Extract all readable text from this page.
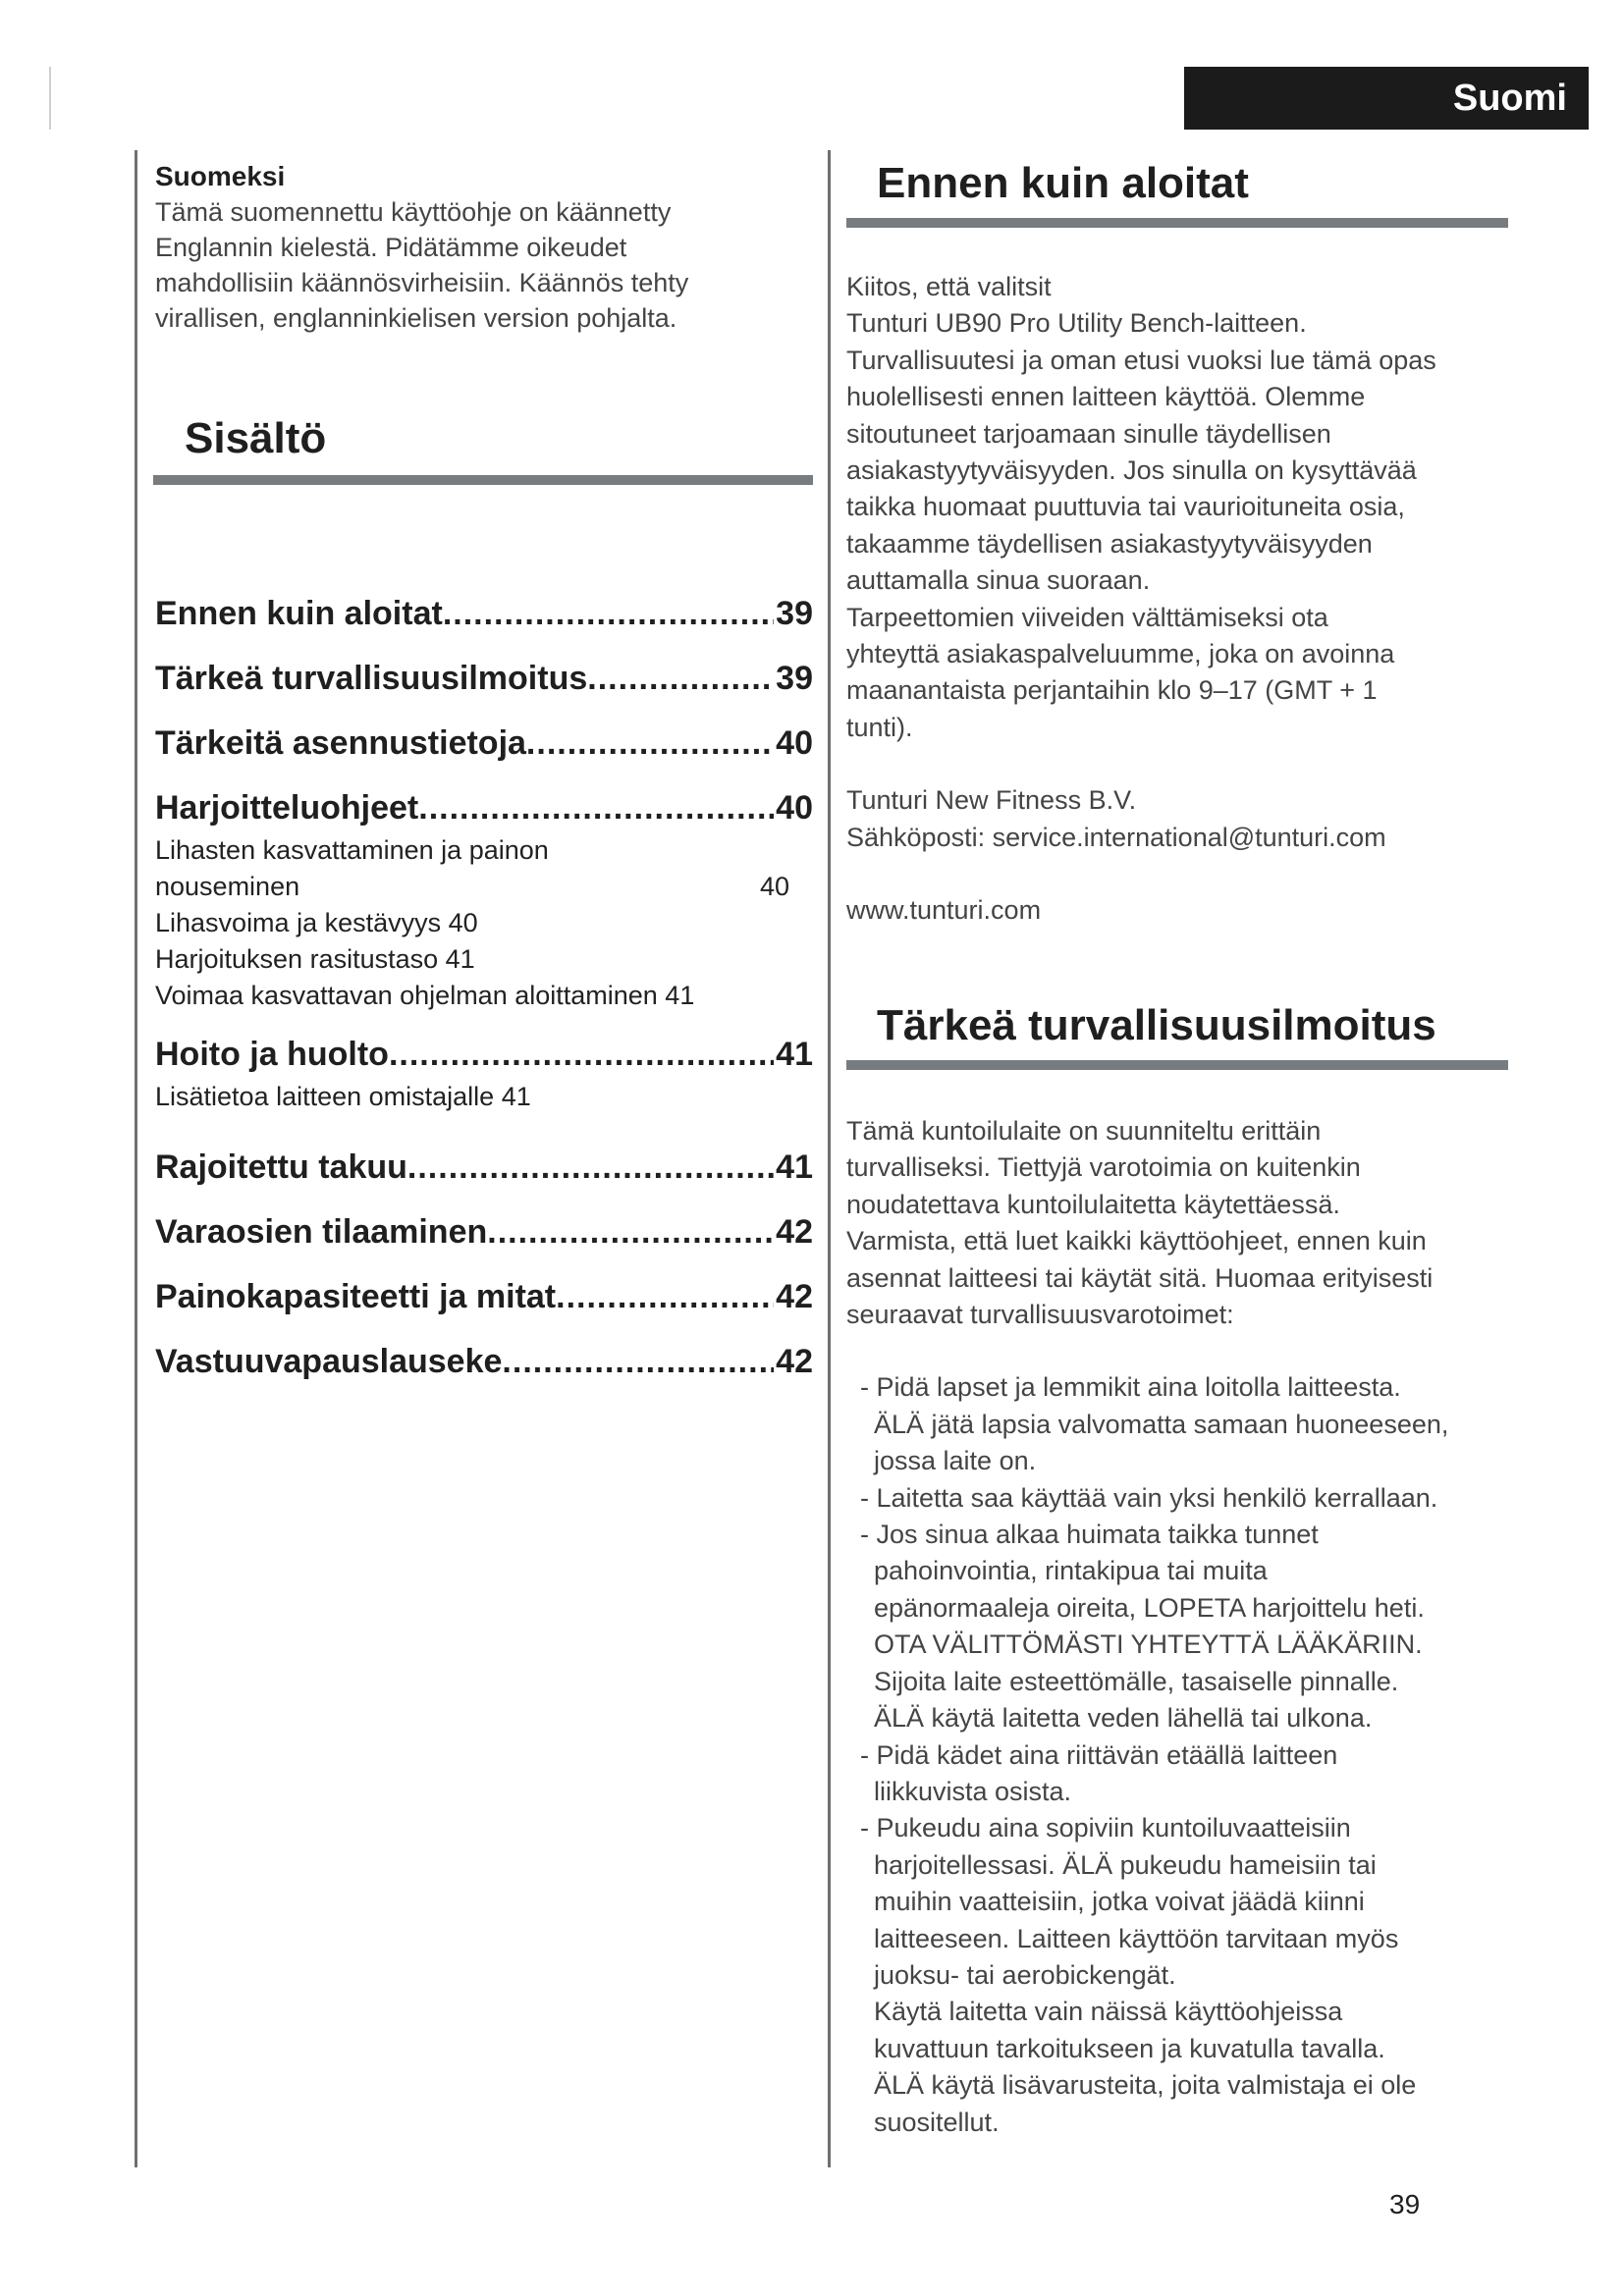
Suomi
Suomeksi
Tämä suomennettu käyttöohje on käännetty
Englannin kielestä. Pidätämme oikeudet
mahdollisiin käännösvirheisiin. Käännös tehty
virallisen, englanninkielisen version pohjalta.
Sisältö
Ennen kuin aloitat .....	39
Tärkeä turvallisuusilmoitus .....	39
Tärkeitä asennustietoja .....	40
Harjoitteluohjeet .....	40
Lihasten kasvattaminen ja painon
nouseminen	40
Lihasvoima ja kestävyys 40
Harjoituksen rasitustaso 41
Voimaa kasvattavan ohjelman aloittaminen 41
Hoito ja huolto .....	41
Lisätietoa laitteen omistajalle 41
Rajoitettu takuu .....	41
Varaosien tilaaminen .....	42
Painokapasiteetti ja mitat .....	42
Vastuuvapauslauseke .....	42
Ennen kuin aloitat
Kiitos, että valitsit
Tunturi UB90 Pro Utility Bench-laitteen.
Turvallisuutesi ja oman etusi vuoksi lue tämä opas
huolellisesti ennen laitteen käyttöä. Olemme
sitoutuneet tarjoamaan sinulle täydellisen
asiakastyytyväisyyden. Jos sinulla on kysyttävää
taikka huomaat puuttuvia tai vaurioituneita osia,
takaamme täydellisen asiakastyytyväisyyden
auttamalla sinua suoraan.
Tarpeettomien viiveiden välttämiseksi ota
yhteyttä asiakaspalveluumme, joka on avoinna
maanantaista perjantaihin klo 9–17 (GMT + 1
tunti).
Tunturi New Fitness B.V.
Sähköposti: service.international@tunturi.com
www.tunturi.com
Tärkeä turvallisuusilmoitus
Tämä kuntoilulaite on suunniteltu erittäin
turvalliseksi. Tiettyjä varotoimia on kuitenkin
noudatettava kuntoilulaitetta käytettäessä.
Varmista, että luet kaikki käyttöohjeet, ennen kuin
asennat laitteesi tai käytät sitä. Huomaa erityisesti
seuraavat turvallisuusvarotoimet:
- Pidä lapset ja lemmikit aina loitolla laitteesta.
ÄLÄ jätä lapsia valvomatta samaan huoneeseen,
jossa laite on.
- Laitetta saa käyttää vain yksi henkilö kerrallaan.
- Jos sinua alkaa huimata taikka tunnet
pahoinvointia, rintakipua tai muita
epänormaaleja oireita, LOPETA harjoittelu heti.
OTA VÄLITTÖMÄSTI YHTEYTTÄ LÄÄKÄRIIN.
Sijoita laite esteettömälle, tasaiselle pinnalle.
ÄLÄ käytä laitetta veden lähellä tai ulkona.
- Pidä kädet aina riittävän etäällä laitteen
liikkuvista osista.
- Pukeudu aina sopiviin kuntoiluvaatteisiin
harjoitellessasi. ÄLÄ pukeudu hameisiin tai
muihin vaatteisiin, jotka voivat jäädä kiinni
laitteeseen. Laitteen käyttöön tarvitaan myös
juoksu- tai aerobickengät.
Käytä laitetta vain näissä käyttöohjeissa
kuvattuun tarkoitukseen ja kuvatulla tavalla.
ÄLÄ käytä lisävarusteita, joita valmistaja ei ole
suositellut.
39
